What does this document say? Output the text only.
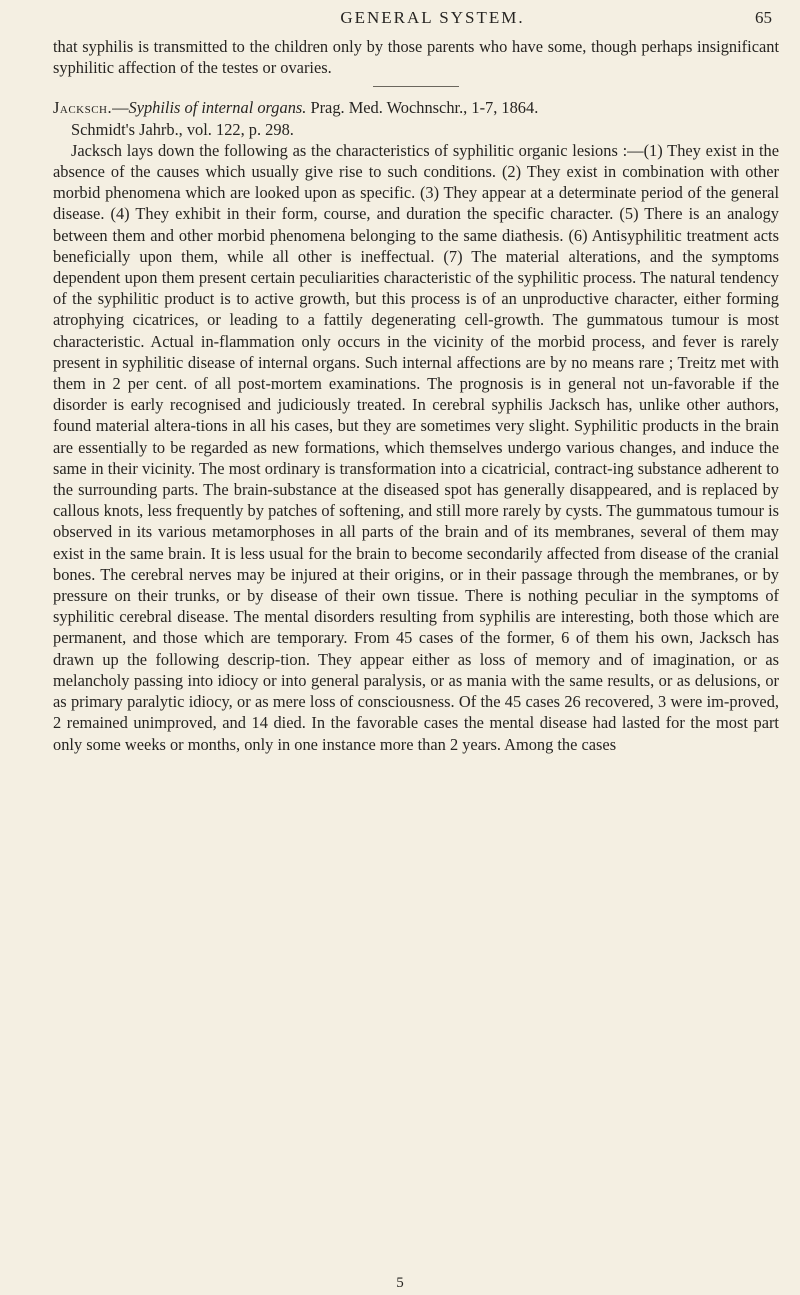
GENERAL SYSTEM.	65

that syphilis is transmitted to the children only by those parents who have some, though perhaps insignificant syphilitic affection of the testes or ovaries.

Jacksch.—Syphilis of internal organs. Prag. Med. Wochnschr., 1-7, 1864.

Schmidt's Jahrb., vol. 122, p. 298.

Jacksch lays down the following as the characteristics of syphilitic organic lesions :—(1) They exist in the absence of the causes which usually give rise to such conditions. (2) They exist in combination with other morbid phenomena which are looked upon as specific. (3) They appear at a determinate period of the general disease. (4) They exhibit in their form, course, and duration the specific character. (5) There is an analogy between them and other morbid phenomena belonging to the same diathesis. (6) Antisyphilitic treatment acts beneficially upon them, while all other is ineffectual. (7) The material alterations, and the symptoms dependent upon them present certain peculiarities characteristic of the syphilitic process. The natural tendency of the syphilitic product is to active growth, but this process is of an unproductive character, either forming atrophying cicatrices, or leading to a fattily degenerating cell-growth. The gummatous tumour is most characteristic. Actual in-flammation only occurs in the vicinity of the morbid process, and fever is rarely present in syphilitic disease of internal organs. Such internal affections are by no means rare ; Treitz met with them in 2 per cent. of all post-mortem examinations. The prognosis is in general not un-favorable if the disorder is early recognised and judiciously treated. In cerebral syphilis Jacksch has, unlike other authors, found material altera-tions in all his cases, but they are sometimes very slight. Syphilitic products in the brain are essentially to be regarded as new formations, which themselves undergo various changes, and induce the same in their vicinity. The most ordinary is transformation into a cicatricial, contract-ing substance adherent to the surrounding parts. The brain-substance at the diseased spot has generally disappeared, and is replaced by callous knots, less frequently by patches of softening, and still more rarely by cysts. The gummatous tumour is observed in its various metamorphoses in all parts of the brain and of its membranes, several of them may exist in the same brain. It is less usual for the brain to become secondarily affected from disease of the cranial bones. The cerebral nerves may be injured at their origins, or in their passage through the membranes, or by pressure on their trunks, or by disease of their own tissue. There is nothing peculiar in the symptoms of syphilitic cerebral disease. The mental disorders resulting from syphilis are interesting, both those which are permanent, and those which are temporary. From 45 cases of the former, 6 of them his own, Jacksch has drawn up the following descrip-tion. They appear either as loss of memory and of imagination, or as melancholy passing into idiocy or into general paralysis, or as mania with the same results, or as delusions, or as primary paralytic idiocy, or as mere loss of consciousness. Of the 45 cases 26 recovered, 3 were im-proved, 2 remained unimproved, and 14 died. In the favorable cases the mental disease had lasted for the most part only some weeks or months, only in one instance more than 2 years. Among the cases

5
